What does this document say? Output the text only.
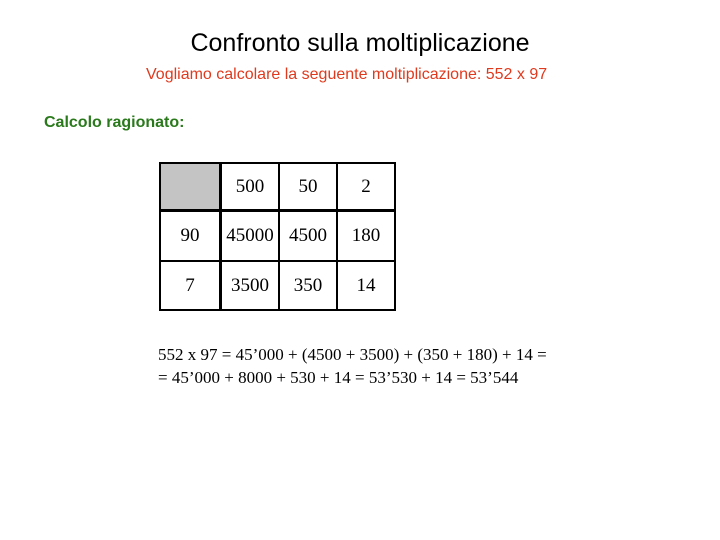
Confronto sulla moltiplicazione
Vogliamo calcolare la seguente moltiplicazione: 552 x 97
Calcolo ragionato:
	500	50	2
90	45000	4500	180
7	3500	350	14
552 x 97 = 45’000 + (4500 + 3500) + (350 + 180) + 14 =
= 45’000 + 8000 + 530 + 14 = 53’530 + 14 = 53’544
